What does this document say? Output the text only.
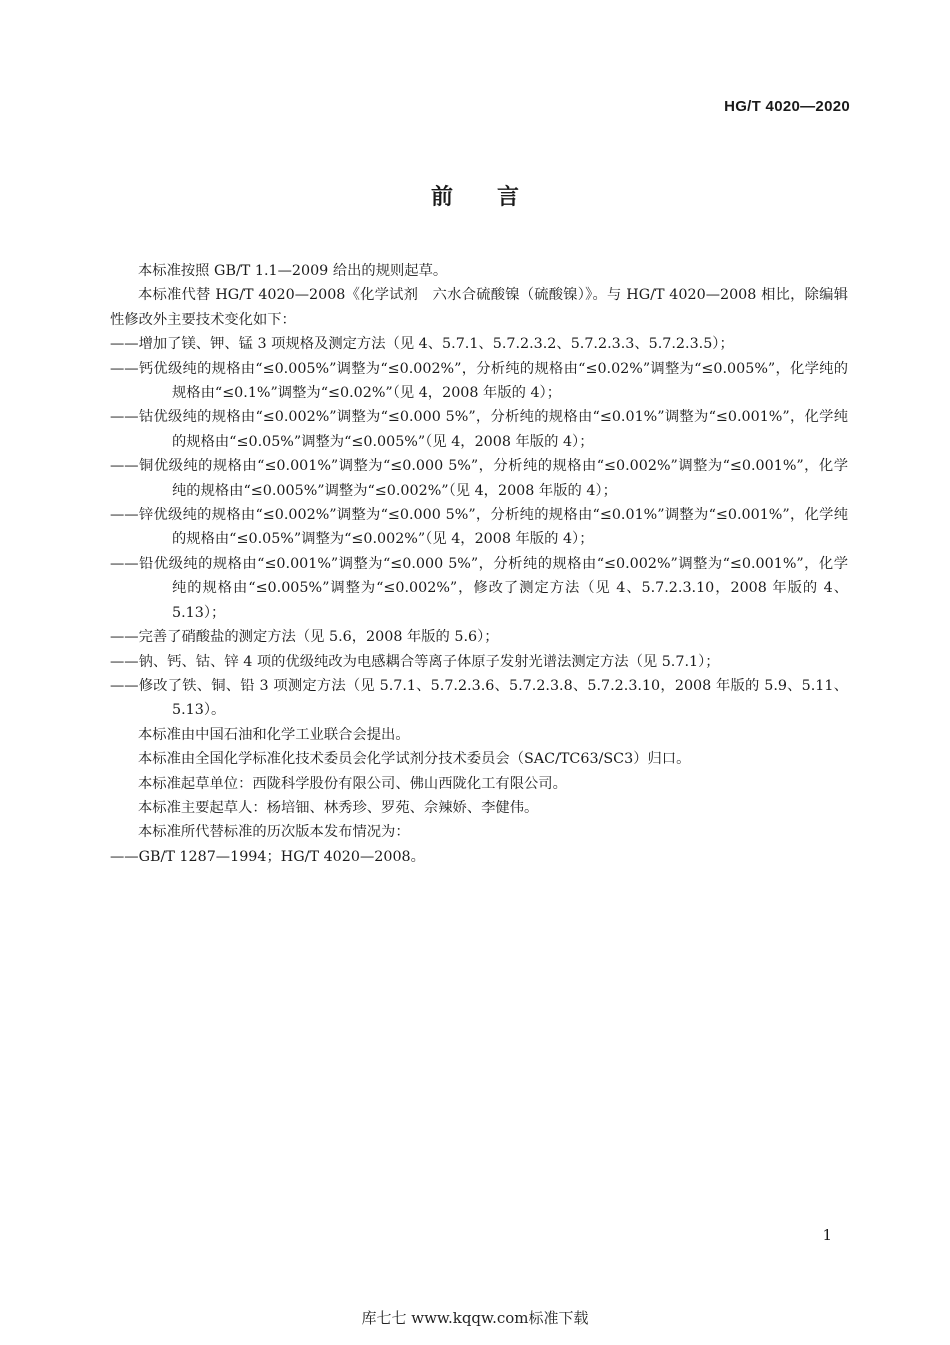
HG/T 4020—2020
前言

本标准按照 GB/T 1.1—2009 给出的规则起草。

本标准代替 HG/T 4020—2008《化学试剂　六水合硫酸镍（硫酸镍）》。与 HG/T 4020—2008 相比，除编辑性修改外主要技术变化如下：

——增加了镁、钾、锰 3 项规格及测定方法（见 4、5.7.1、5.7.2.3.2、5.7.2.3.3、5.7.2.3.5）；

——钙优级纯的规格由“≤0.005%”调整为“≤0.002%”，分析纯的规格由“≤0.02%”调整为“≤0.005%”，化学纯的规格由“≤0.1%”调整为“≤0.02%”（见 4，2008 年版的 4）；

——钴优级纯的规格由“≤0.002%”调整为“≤0.000 5%”，分析纯的规格由“≤0.01%”调整为“≤0.001%”，化学纯的规格由“≤0.05%”调整为“≤0.005%”（见 4，2008 年版的 4）；

——铜优级纯的规格由“≤0.001%”调整为“≤0.000 5%”，分析纯的规格由“≤0.002%”调整为“≤0.001%”，化学纯的规格由“≤0.005%”调整为“≤0.002%”（见 4，2008 年版的 4）；

——锌优级纯的规格由“≤0.002%”调整为“≤0.000 5%”，分析纯的规格由“≤0.01%”调整为“≤0.001%”，化学纯的规格由“≤0.05%”调整为“≤0.002%”（见 4，2008 年版的 4）；

——铅优级纯的规格由“≤0.001%”调整为“≤0.000 5%”，分析纯的规格由“≤0.002%”调整为“≤0.001%”，化学纯的规格由“≤0.005%”调整为“≤0.002%”，修改了测定方法（见 4、5.7.2.3.10，2008 年版的 4、5.13）；

——完善了硝酸盐的测定方法（见 5.6，2008 年版的 5.6）；

——钠、钙、钴、锌 4 项的优级纯改为电感耦合等离子体原子发射光谱法测定方法（见 5.7.1）；

——修改了铁、铜、铅 3 项测定方法（见 5.7.1、5.7.2.3.6、5.7.2.3.8、5.7.2.3.10，2008 年版的 5.9、5.11、5.13）。

本标准由中国石油和化学工业联合会提出。

本标准由全国化学标准化技术委员会化学试剂分技术委员会（SAC/TC63/SC3）归口。

本标准起草单位：西陇科学股份有限公司、佛山西陇化工有限公司。

本标准主要起草人：杨培钿、林秀珍、罗苑、佘辣娇、李健伟。

本标准所代替标准的历次版本发布情况为：

——GB/T 1287—1994；HG/T 4020—2008。

1
库七七 www.kqqw.com标准下载
